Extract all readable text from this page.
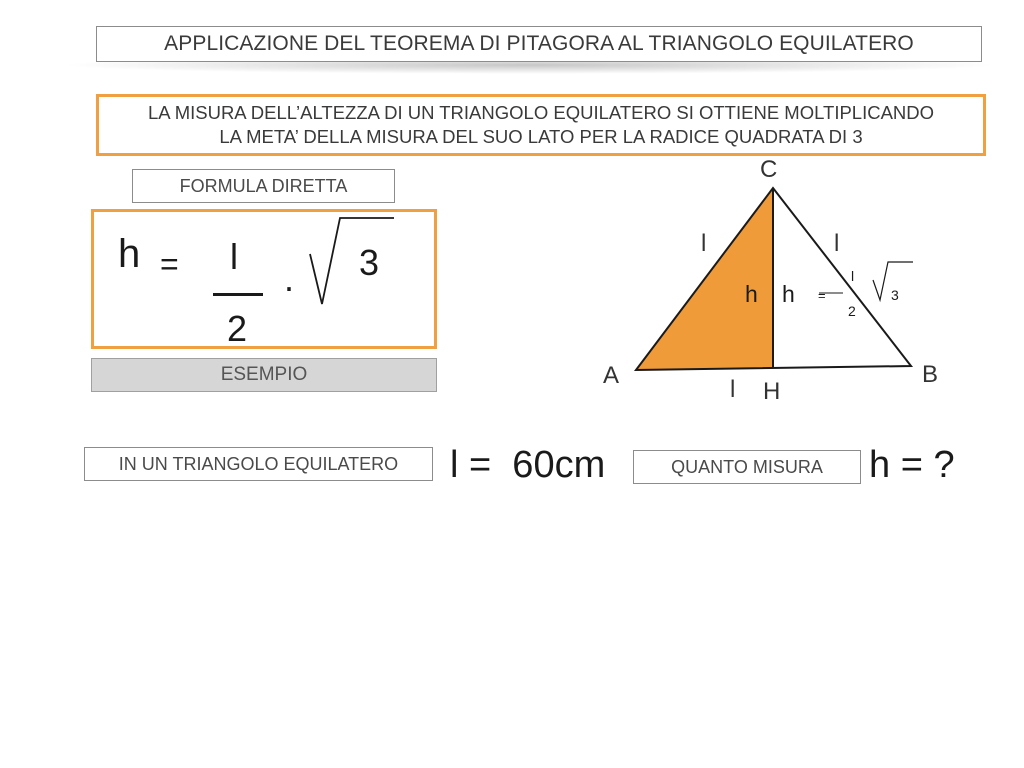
APPLICAZIONE DEL TEOREMA DI PITAGORA AL TRIANGOLO EQUILATERO
LA MISURA DELL’ALTEZZA DI UN TRIANGOLO EQUILATERO SI OTTIENE MOLTIPLICANDO
LA META’ DELLA MISURA DEL SUO LATO PER LA RADICE QUADRATA DI 3
FORMULA DIRETTA
h = l
2
. 3
ESEMPIO
C
A	B
H
l	l
l
h h =
l
2
3
IN UN TRIANGOLO EQUILATERO l =  60cm	QUANTO MISURA h = ?
